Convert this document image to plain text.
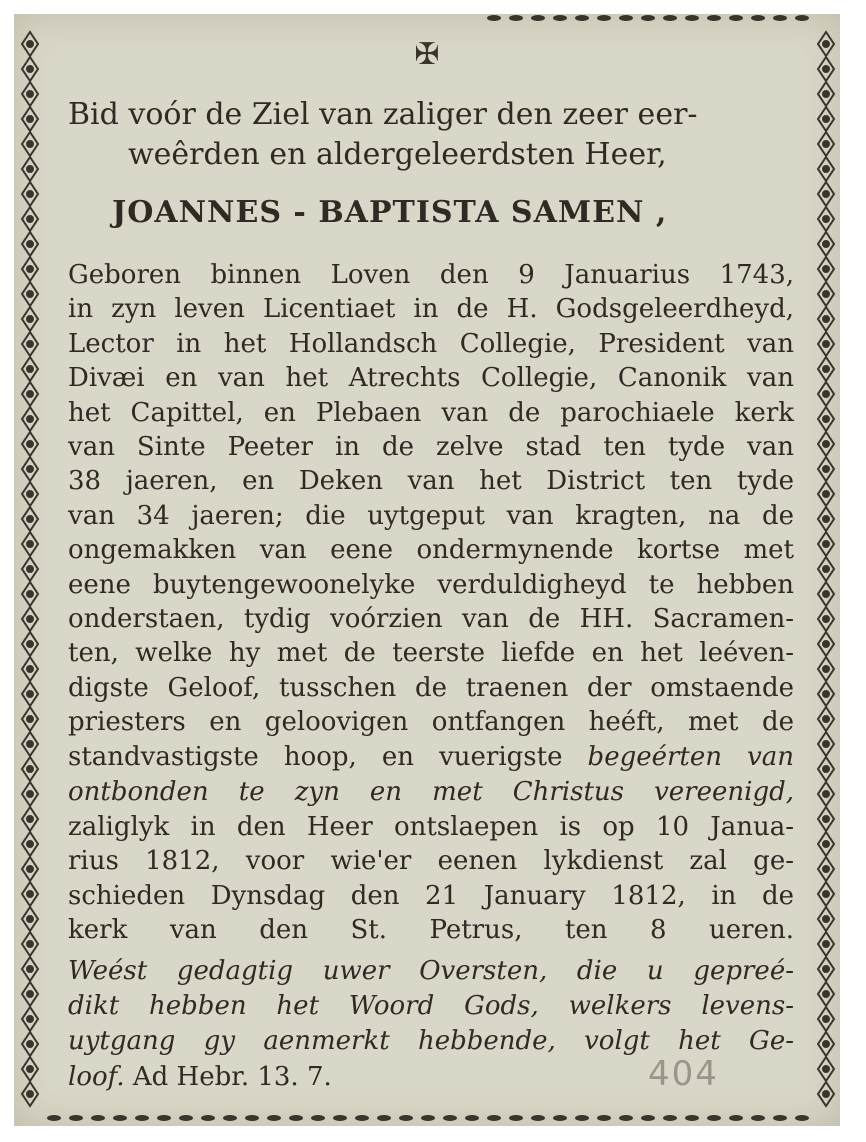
✠

Bid voór de Ziel van zaliger den zeer eer-

weêrden en aldergeleerdsten Heer,

JOANNES - BAPTISTA SAMEN ,

Geboren binnen Loven den 9 Januarius 1743,

in zyn leven Licentiaet in de H. Godsgeleerdheyd,

Lector in het Hollandsch Collegie, President van

Divæi en van het Atrechts Collegie, Canonik van

het Capittel, en Plebaen van de parochiaele kerk

van Sinte Peeter in de zelve stad ten tyde van

38 jaeren, en Deken van het District ten tyde

van 34 jaeren; die uytgeput van kragten, na de

ongemakken van eene ondermynende kortse met

eene buytengewoonelyke verduldigheyd te hebben

onderstaen, tydig voórzien van de HH. Sacramen-

ten, welke hy met de teerste liefde en het leéven-

digste Geloof, tusschen de traenen der omstaende

priesters en geloovigen ontfangen heéft, met de

standvastigste hoop, en vuerigste begeérten van

ontbonden te zyn en met Christus vereenigd,

zaliglyk in den Heer ontslaepen is op 10 Janua-

rius 1812, voor wie'er eenen lykdienst zal ge-

schieden Dynsdag den 21 January 1812, in de

kerk van den St. Petrus, ten 8 ueren.

Weést gedagtig uwer Oversten, die u gepreé-

dikt hebben het Woord Gods, welkers levens-

uytgang gy aenmerkt hebbende, volgt het Ge-

loof. Ad Hebr. 13. 7.	404
